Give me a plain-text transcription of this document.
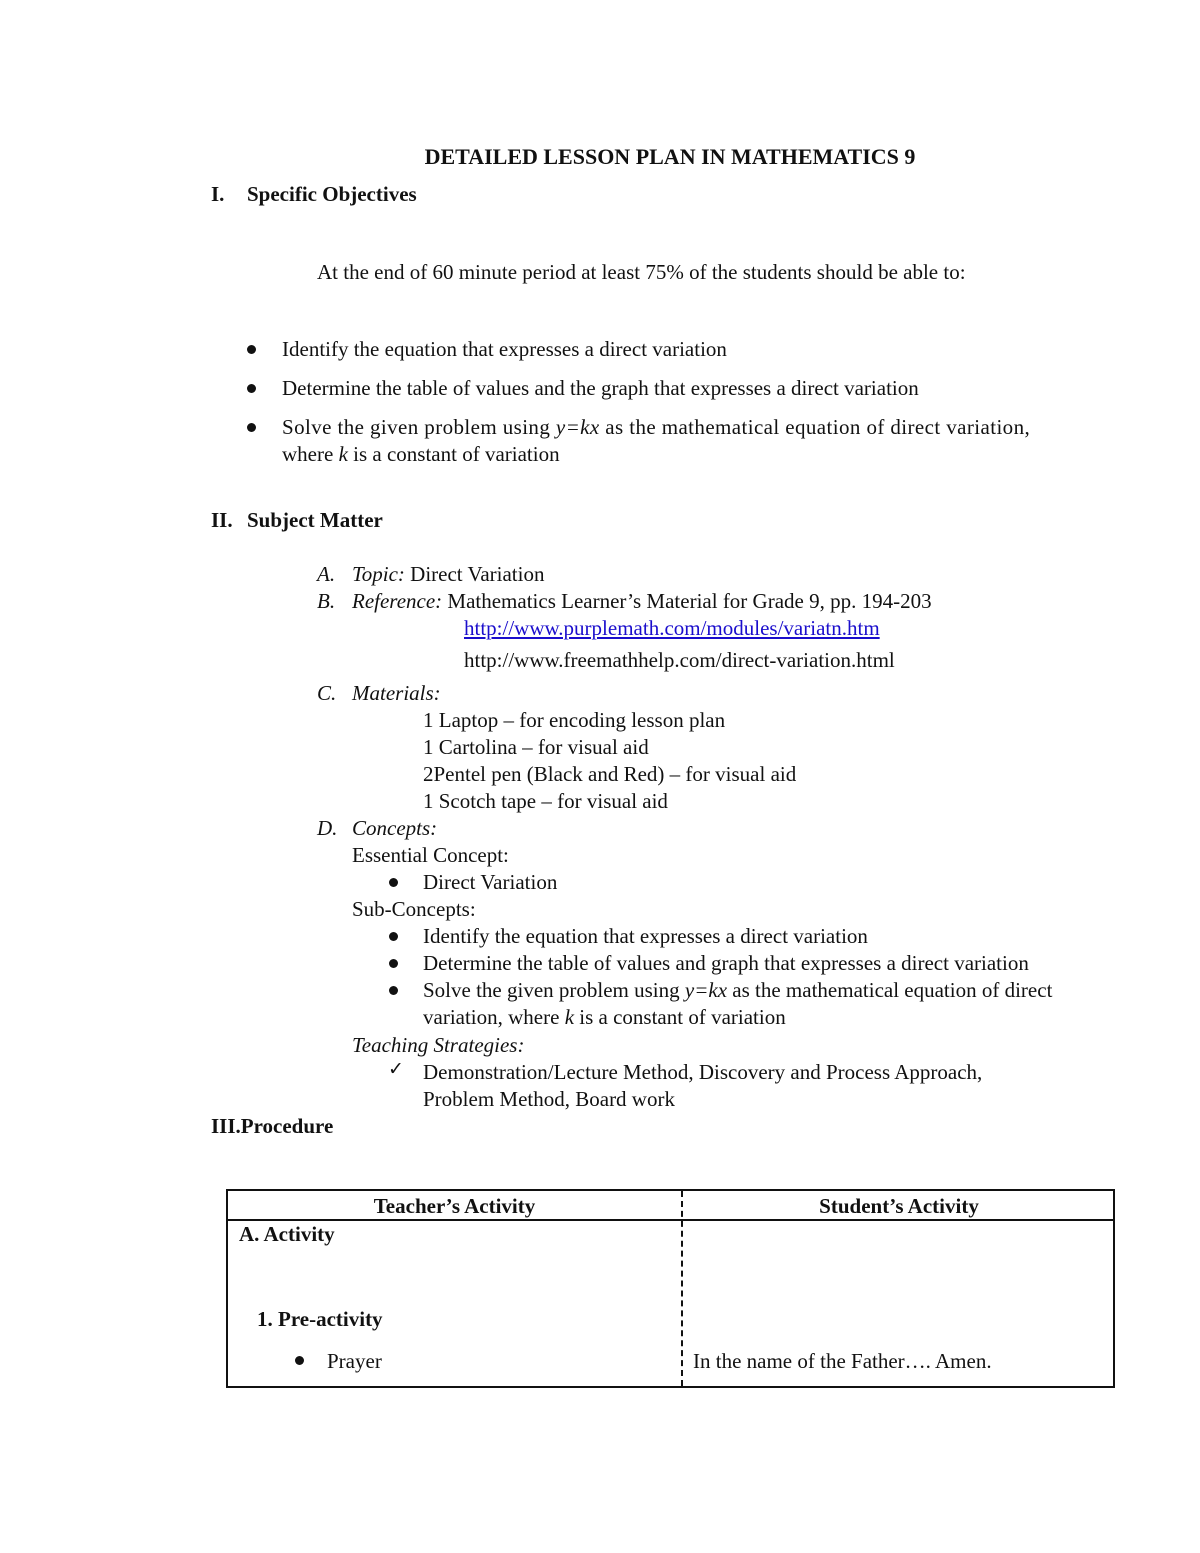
DETAILED LESSON PLAN IN MATHEMATICS 9
I. Specific Objectives
At the end of 60 minute period at least 75% of the students should be able to:
Identify the equation that expresses a direct variation
Determine the table of values and the graph that expresses a direct variation
Solve the given problem using y=kx as the mathematical equation of direct variation,
where k is a constant of variation
II. Subject Matter
A. Topic: Direct Variation
B. Reference: Mathematics Learner’s Material for Grade 9, pp. 194-203
http://www.purplemath.com/modules/variatn.htm
http://www.freemathhelp.com/direct-variation.html
C. Materials:
1 Laptop – for encoding lesson plan
1 Cartolina – for visual aid
2Pentel pen (Black and Red) – for visual aid
1 Scotch tape – for visual aid
D. Concepts:
Essential Concept:
Direct Variation
Sub-Concepts:
Identify the equation that expresses a direct variation
Determine the table of values and graph that expresses a direct variation
Solve the given problem using y=kx as the mathematical equation of direct
variation, where k is a constant of variation
Teaching Strategies:
✓ Demonstration/Lecture Method, Discovery and Process Approach,
Problem Method, Board work
III.Procedure
Teacher’s Activity	Student’s Activity
A. Activity
1. Pre-activity
Prayer	In the name of the Father…. Amen.
